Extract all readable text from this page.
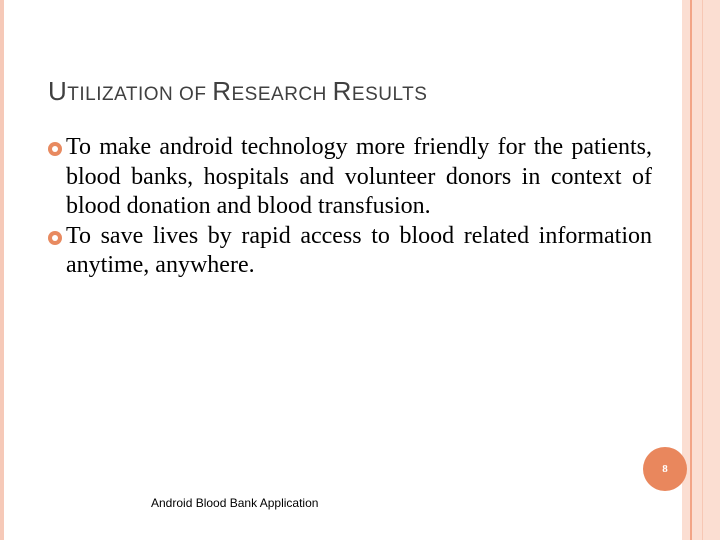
UTILIZATION OF RESEARCH RESULTS

To make android technology more friendly for the patients, blood banks, hospitals and volunteer donors in context of blood donation and blood transfusion.

To save lives by rapid access to blood related information anytime, anywhere.

8
Android Blood Bank Application
